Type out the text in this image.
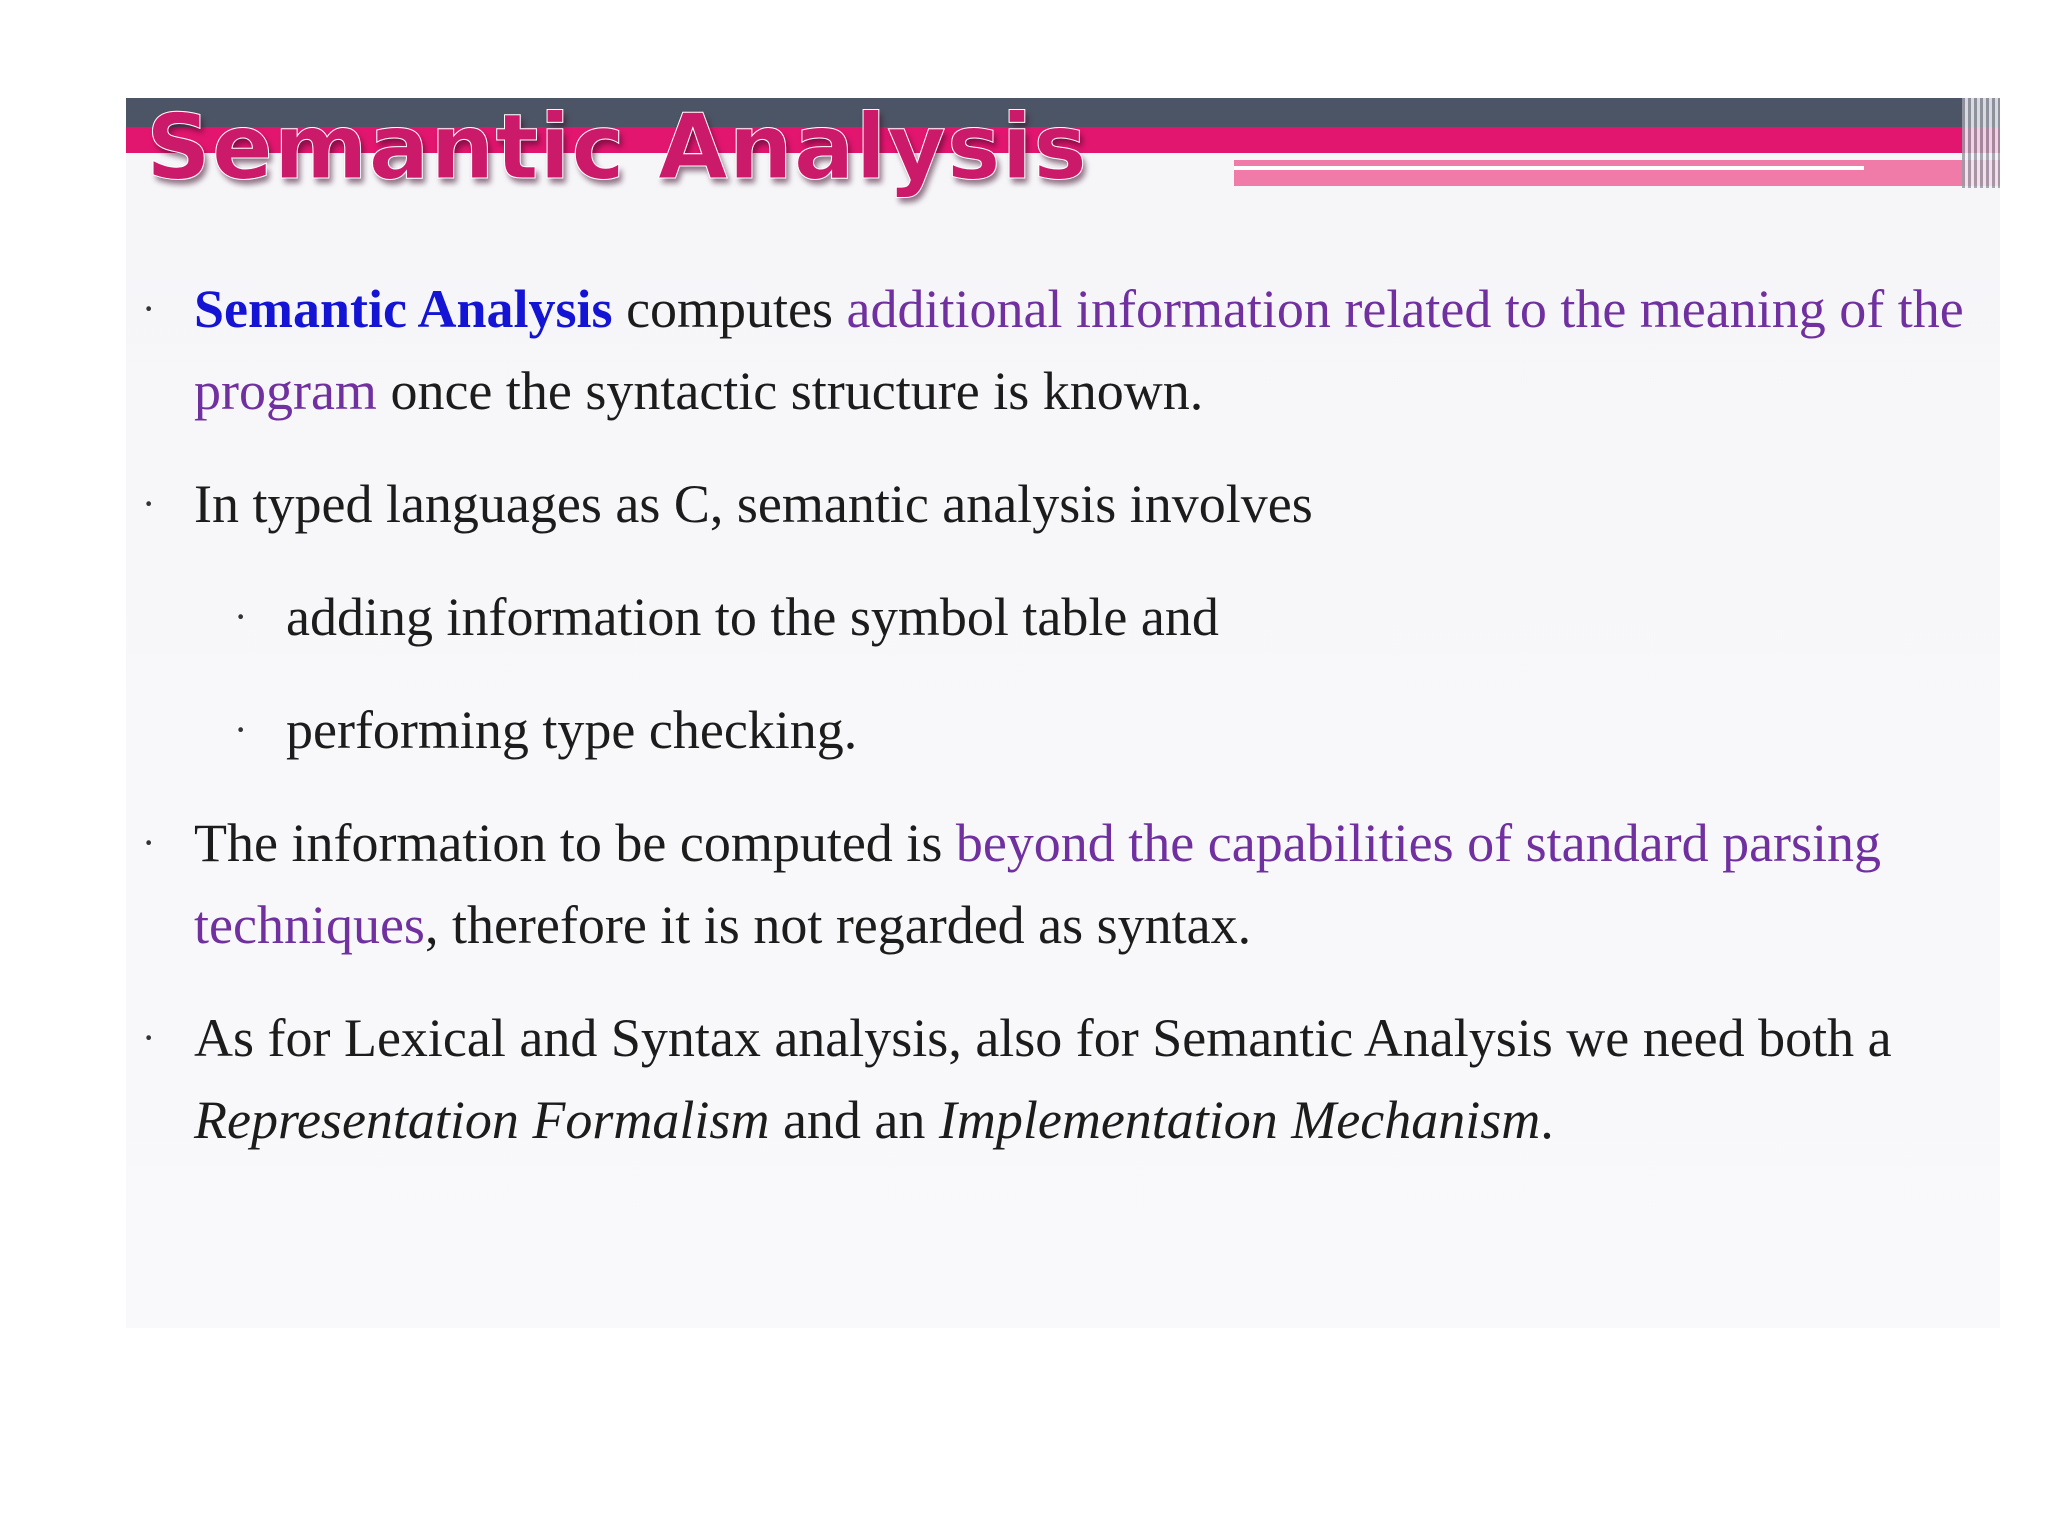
Semantic Analysis
· Semantic Analysis computes additional information related to the meaning of the program once the syntactic structure is known.
· In typed languages as C, semantic analysis involves
· adding information to the symbol table and
· performing type checking.
· The information to be computed is beyond the capabilities of standard parsing techniques, therefore it is not regarded as syntax.
· As for Lexical and Syntax analysis, also for Semantic Analysis we need both a Representation Formalism and an Implementation Mechanism.
